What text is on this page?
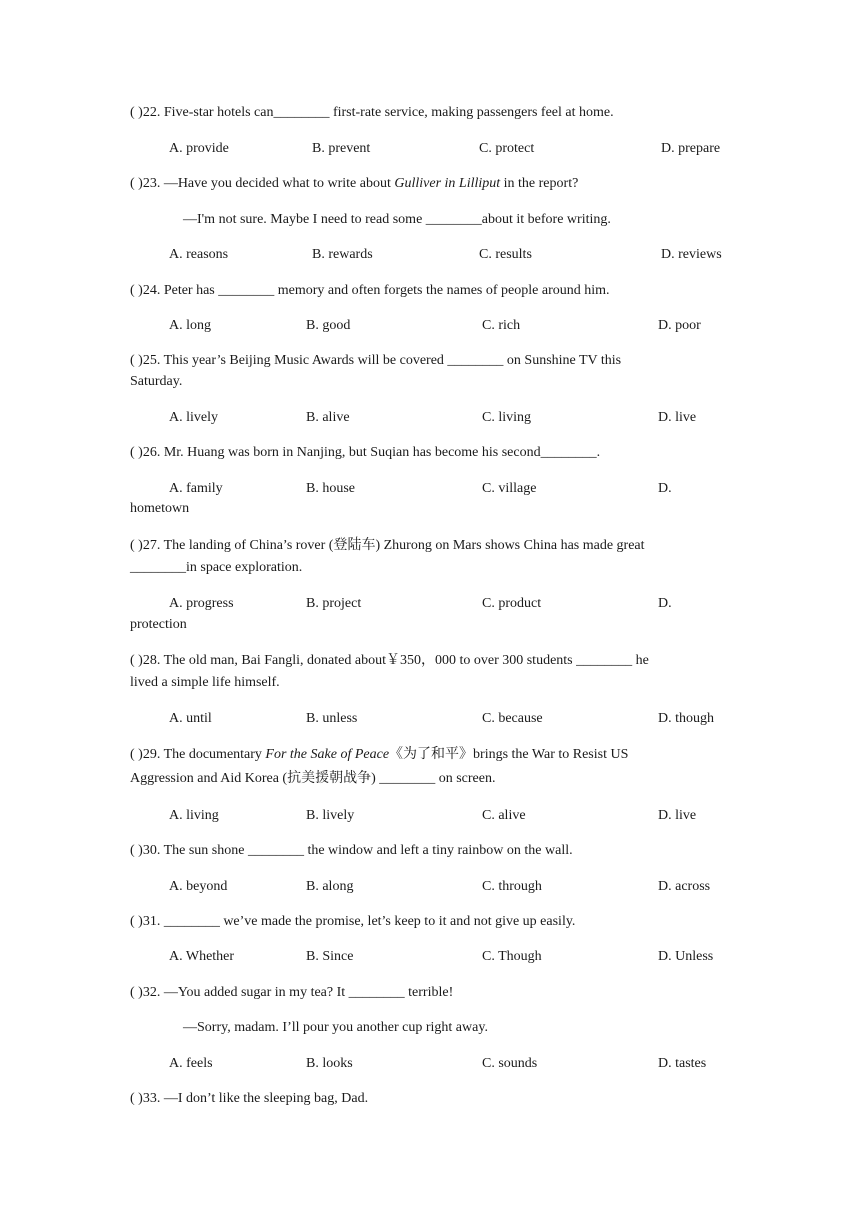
( )22. Five-star hotels can________ first-rate service, making passengers feel at home.
A. provide	B. prevent	C. protect	D. prepare
( )23. —Have you decided what to write about Gulliver in Lilliput in the report?
—I'm not sure. Maybe I need to read some ________about it before writing.
A. reasons	B. rewards	C. results	D. reviews
( )24. Peter has ________ memory and often forgets the names of people around him.
A. long	B. good	C. rich	D. poor
( )25. This year’s Beijing Music Awards will be covered ________ on Sunshine TV this
Saturday.
A. lively	B. alive	C. living	D. live
( )26. Mr. Huang was born in Nanjing, but Suqian has become his second________.
A. family	B. house	C. village	D.
hometown
( )27. The landing of China’s rover (登陆车) Zhurong on Mars shows China has made great
________in space exploration.
A. progress	B. project	C. product	D.
protection
( )28. The old man, Bai Fangli, donated about￥350，000 to over 300 students ________ he
lived a simple life himself.
A. until	B. unless	C. because	D. though
( )29. The documentary For the Sake of Peace《为了和平》brings the War to Resist US
Aggression and Aid Korea (抗美援朝战争) ________ on screen.
A. living	B. lively	C. alive	D. live
( )30. The sun shone ________ the window and left a tiny rainbow on the wall.
A. beyond	B. along	C. through	D. across
( )31. ________ we’ve made the promise, let’s keep to it and not give up easily.
A. Whether	B. Since	C. Though	D. Unless
( )32. —You added sugar in my tea? It ________ terrible!
—Sorry, madam. I’ll pour you another cup right away.
A. feels	B. looks	C. sounds	D. tastes
( )33. —I don’t like the sleeping bag, Dad.
